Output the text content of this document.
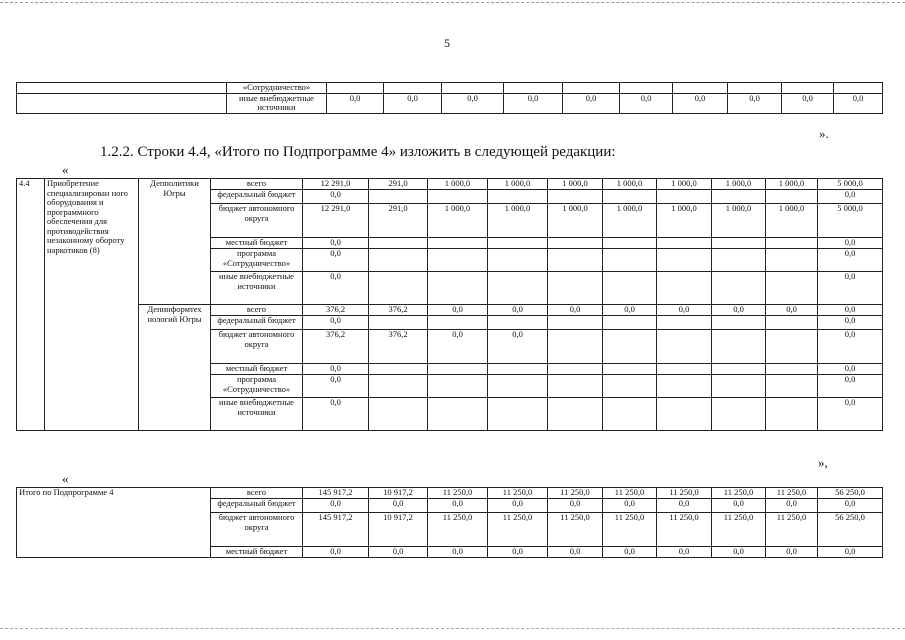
5
	«Сотрудничество»										
	иные внебюджетные источники	0,0	0,0	0,0	0,0	0,0	0,0	0,0	0,0	0,0	0,0
».
1.2.2. Строки 4.4, «Итого по Подпрограмме 4» изложить в следующей редакции:
«
4.4	Приобретение специализирован ного оборудования и программного обеспечения для противодействия незаконному обороту наркотиков (8)	Депполитики Югры	всего	12 291,0	291,0	1 000,0	1 000,0	1 000,0	1 000,0	1 000,0	1 000,0	1 000,0	5 000,0
			федеральный бюджет	0,0									0,0
			бюджет автономного округа	12 291,0	291,0	1 000,0	1 000,0	1 000,0	1 000,0	1 000,0	1 000,0	1 000,0	5 000,0
			местный бюджет	0,0									0,0
			программа «Сотрудничество»	0,0									0,0
			иные внебюджетные источники	0,0									0,0
		Депинформтех нологий Югры	всего	376,2	376,2	0,0	0,0	0,0	0,0	0,0	0,0	0,0	0,0
			федеральный бюджет	0,0									0,0
			бюджет автономного округа	376,2	376,2	0,0	0,0						0,0
			местный бюджет	0,0									0,0
			программа «Сотрудничество»	0,0									0,0
			иные внебюджетные источники	0,0									0,0
»,
«
Итого по Подпрограмме 4	всего	145 917,2	10 917,2	11 250,0	11 250,0	11 250,0	11 250,0	11 250,0	11 250,0	11 250,0	56 250,0
	федеральный бюджет	0,0	0,0	0,0	0,0	0,0	0,0	0,0	0,0	0,0	0,0
	бюджет автономного округа	145 917,2	10 917,2	11 250,0	11 250,0	11 250,0	11 250,0	11 250,0	11 250,0	11 250,0	56 250,0
	местный бюджет	0,0	0,0	0,0	0,0	0,0	0,0	0,0	0,0	0,0	0,0
